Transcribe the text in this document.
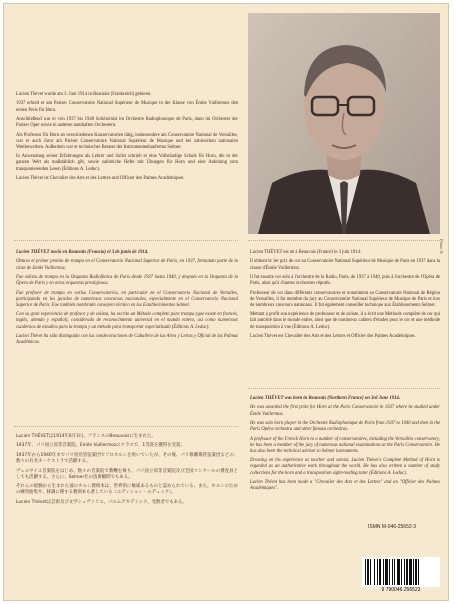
Lucien Thévet wurde am 3. Juni 1914 in Beaurais (Frankreich) geboren.

1937 erhielt er am Pariser Conservatoire National Supérieur de Musique in der Klasse von Émile Vuillermoz den ersten Preis für Horn.

Anschließend war er von 1937 bis 1940 Solohornist im Orchestre Radiophonique de Paris, dann im Orchester der Pariser Oper sowie in anderen namhaften Orchestern.

Als Professor für Horn an verschiedenen Konservatorien tätig, insbesondere am Conservatoire National de Versailles, war er auch Juror am Pariser Conservatoire National Supérieur de Musique und bei zahlreichen nationalen Wettbewerben. Außerdem war er technischer Berater der Instrumentenbauferma Selmer.

In Anwendung seiner Erfahrungen als Lehrer und Solist schrieb er eine Vollständige Schule für Horn, die in der ganzen Welt als maßstäblich gilt, sowie zahlreiche Hefte mit Übungen für Horn und eine Anleitung zum transponierenden Lesen (Éditions A. Leduc).

Lucien Thévet ist Chevalier des Arts et des Lettres und Officier des Palmes Académiques.

Photo X

Lucien THÉVET nació en Beauvais (Francia) el 3 de junio de 1914.

Obtuvo el primer premio de trompa en el Conservatorio Nacional Superior de París, en 1937, formando parte de la clase de Emile Vuillermoz.

Fue solista de trompa en la Orquesta Radiofónica de París desde 1937 hasta 1940, y después en la Orquesta de la Ópera de París y en otras orquestas prestigiosas.

Fue profesor de trompa en varios Conservatorios, en particular en el Conservatorio Nacional de Versalles, participando en los jurados de numerosos concursos nacionales, especialmente en el Conservatorio Nacional Superior de Paris. Fue también nombrado consejero técnico en los Establecimientos Selmer.

Con su gran experiencia de profesor y de solista, ha escrito un Método completo para trompa (que existe en francés, inglés, alemán y español), considerado de reconocimiento universal en el mundo entero, así como numerosos cuadernos de estudios para la trompa y un método para transportar especializado (Éditions A. Leduc).

Lucien Thévet ha sido distinguido con las condecoraciones de Caballero de las Artes y Letras y Oficial de las Palmas Académicas.

Lucien THÉVET est né à Beauvais (France) le 3 juin 1914.

Il obtient le 1er prix de cor au Conservatoire National Supérieur de Musique de Paris en 1937 dans la classe d'Émile Vuillermoz.

Il fut ensuite cor solo à l'orchestre de la Radio, Paris, de 1937 à 1940, puis à l'orchestre de l'Opéra de Paris, ainsi qu'à d'autres orchestres réputés.

Professeur de cor dans différents conservatoires et notamment au Conservatoire National de Région de Versailles, il fut membre du jury au Conservatoire National Supérieur de Musique de Paris et lors de nombreux concours nationaux. Il fut également conseiller technique aux Établissements Selmer.

Mettant à profit son expérience de professeur et de soliste, il a écrit une Méthode complète de cor qui fait autorité dans le monde entier, ainsi que de nombreux cahiers d'études pour le cor et une méthode de transposition à vue (Éditions A. Leduc).

Lucien Thévet est Chevalier des Arts et des Lettres et Officier des Palmes Académiques.

Lucien THÉVETは1914年6月3日、フランスのBeauvaisに生まれた。

1937年、パリ国立高等音楽院、Emile Vuillermozのクラスで、1等賞を獲得を受賞。

1937年から1940年までパリ放送管弦楽団でソロホルンを吹いていたが、その後、パリ歌劇場管弦楽団などの、数々の有名オーケストラで活躍する。

ヴェルサイユ音楽院をはじめ、数々の音楽院で教鞭を執り、パリ国立高等音楽院及び全国コンクールの審査員としても活躍する。さらに、Selmer社の技術顧問でもある。

それらの経験から生まれた彼のホルン教則本は、世界的に権威あるものと認められている。また、ホルンのための練習曲集や、移調に関する教則本も著している（エディション・ルデュック）。

Lucien Thévetは芸術及び文学シュヴァリエ、パルムアカデミック、受勲者でもある。

Lucien THÉVET was born in Beauvais (Northern France) on 3rd June 1914.

He was awarded the first prize for Horn at the Paris Conservatoire in 1937 where he studied under Émile Vuillermoz.

He was solo horn player in the Orchestre Radiophonique de Paris from 1937 to 1940 and then in the Paris Opéra orchestra and other famous orchestras.

A professor of the French Horn to a number of conservatoires, including the Versailles conservatory, he has been a member of the jury of numerous national examinations at the Paris Conservatoire. He has also been the technical adviser to Selmer instruments.

Drawing on his experience as teacher and soloist, Lucien Thévet's Complete Method of Horn is regarded as an authoritative work throughout the world. He has also written a number of study collections for the horn and a transposition sight-reading tutor (Éditions A. Leduc).

Lucien Thévet has been made a "Chevalier des Arts et des Lettres" and an "Officier des Palmes Académiques".

ISMN M-046-25652-3
9 790046 256523
